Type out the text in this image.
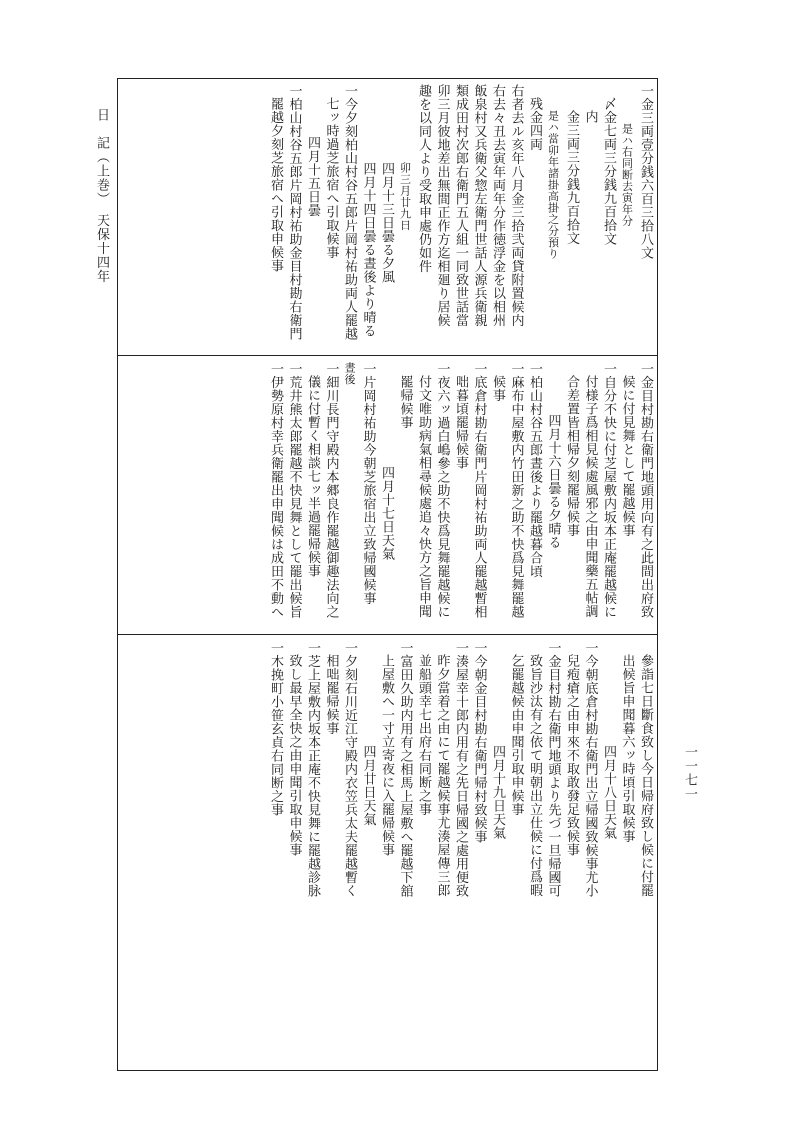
日　記（上巻）　天保十四年
一一七一
一金三両壹分銭六百三拾八文
是ハ右同断去寅年分
〆金七両三分銭九百拾文
内
金三両三分銭九百拾文
是ハ當卯年諸掛高掛之分預り
残金四両
右者去ル亥年八月金三拾弐両貸附置候内
右去々丑去寅年両年分作徳浮金を以相州
飯泉村又兵衛父惣左衛門世話人源兵衛親
類成田村次郎右衛門五人組一同致世話當
卯三月彼地差出無間正作方迄相廻り居候
趣を以同人より受取申處仍如件
卯三月廿九日
四月十三日曇る夕風
四月十四日曇る晝後より晴る
一今夕刻柏山村谷五郎片岡村祐助両人罷越
七ッ時過芝旅宿へ引取候事
四月十五日曇
一柏山村谷五郎片岡村祐助金目村勘右衛門
罷越夕刻芝旅宿へ引取申候事
一金目村勘右衛門地頭用向有之此間出府致
候に付見舞として罷越候事
一自分不快に付芝屋敷内坂本正庵罷越候に
付様子爲相見候處風邪之由申聞藥五帖調
合差置皆相帰夕刻罷帰候事
四月十六日曇る夕晴る
一柏山村谷五郎晝後より罷越暮合頃
一麻布中屋敷内竹田新之助不快爲見舞罷越
候事
一底倉村勘右衛門片岡村祐助両人罷越暫相
咄暮頃罷帰候事
一夜六ッ過白嶋參之助不快爲見舞罷越候に
付文唯助病氣相尋候處追々快方之旨申聞
罷帰候事
四月十七日天氣
一片岡村祐助今朝芝旅宿出立致帰國候事
晝後
一細川長門守殿内本郷良作罷越御趣法向之
儀に付暫く相談七ッ半過罷帰候事
一荒井熊太郎罷越不快見舞として罷出候旨
一伊勢原村幸兵衛罷出申聞候は成田不動へ
參詣七日斷食致し今日帰府致し候に付罷
出候旨申聞暮六ッ時頃引取候事
四月十八日天氣
一今朝底倉村勘右衛門出立帰國致候事尤小
兒疱瘡之由申來不取敢發足致候事
一金目村勘右衛門地頭より先づ一旦帰國可
致旨沙汰有之依て明朝出立仕候に付爲暇
乞罷越候由申聞引取申候事
四月十九日天氣
一今朝金目村勘右衛門帰村致候事
一湊屋幸十郎内用有之先日帰國之處用便致
昨夕當着之由にて罷越候事尤湊屋傳三郎
並船頭幸七出府右同断之事
一富田久助内用有之相馬上屋敷へ罷越下舘
上屋敷へ一寸立寄夜に入罷帰候事
四月廿日天氣
一夕刻石川近江守殿内衣笠兵太夫罷越暫く
相咄罷帰候事
一芝上屋敷内坂本正庵不快見舞に罷越診脉
致し最早全快之由申聞引取申候事
一木挽町小笹玄貞右同断之事
